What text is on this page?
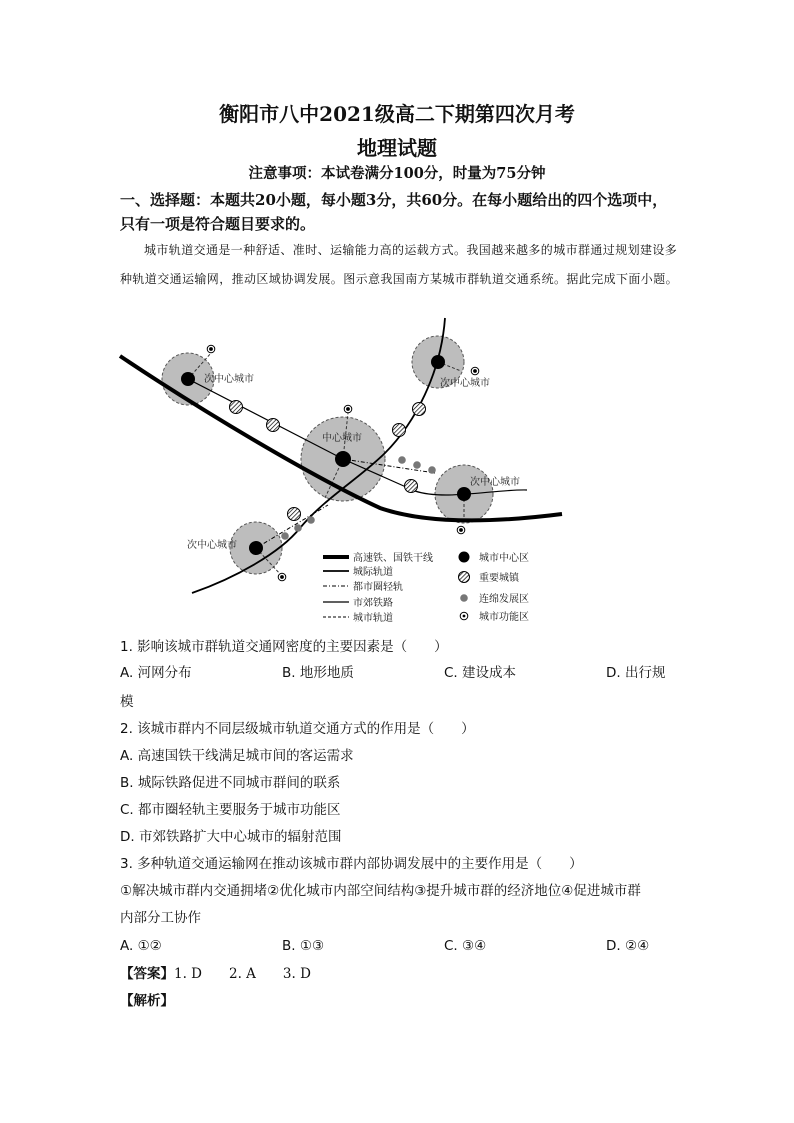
衡阳市八中2021级高二下期第四次月考
地理试题
注意事项：本试卷满分100分，时量为75分钟
一、选择题：本题共20小题，每小题3分，共60分。在每小题给出的四个选项中，只有一项是符合题目要求的。
城市轨道交通是一种舒适、准时、运输能力高的运载方式。我国越来越多的城市群通过规划建设多种轨道交通运输网，推动区域协调发展。图示意我国南方某城市群轨道交通系统。据此完成下面小题。
次中心城市	次中心城市
中心城市
次中心城市
次中心城市
高速铁、国铁干线
城际轨道
都市圈轻轨
市郊铁路
城市轨道
城市中心区
重要城镇
连绵发展区
城市功能区
1. 影响该城市群轨道交通网密度的主要因素是（　　）
A. 河网分布	B. 地形地质	C. 建设成本	D. 出行规
模
2. 该城市群内不同层级城市轨道交通方式的作用是（　　）
A. 高速国铁干线满足城市间的客运需求
B. 城际铁路促进不同城市群间的联系
C. 都市圈轻轨主要服务于城市功能区
D. 市郊铁路扩大中心城市的辐射范围
3. 多种轨道交通运输网在推动该城市群内部协调发展中的主要作用是（　　）
①解决城市群内交通拥堵②优化城市内部空间结构③提升城市群的经济地位④促进城市群
内部分工协作
A. ①②	B. ①③	C. ③④	D. ②④
【答案】1. D　　2. A　　3. D
【解析】
